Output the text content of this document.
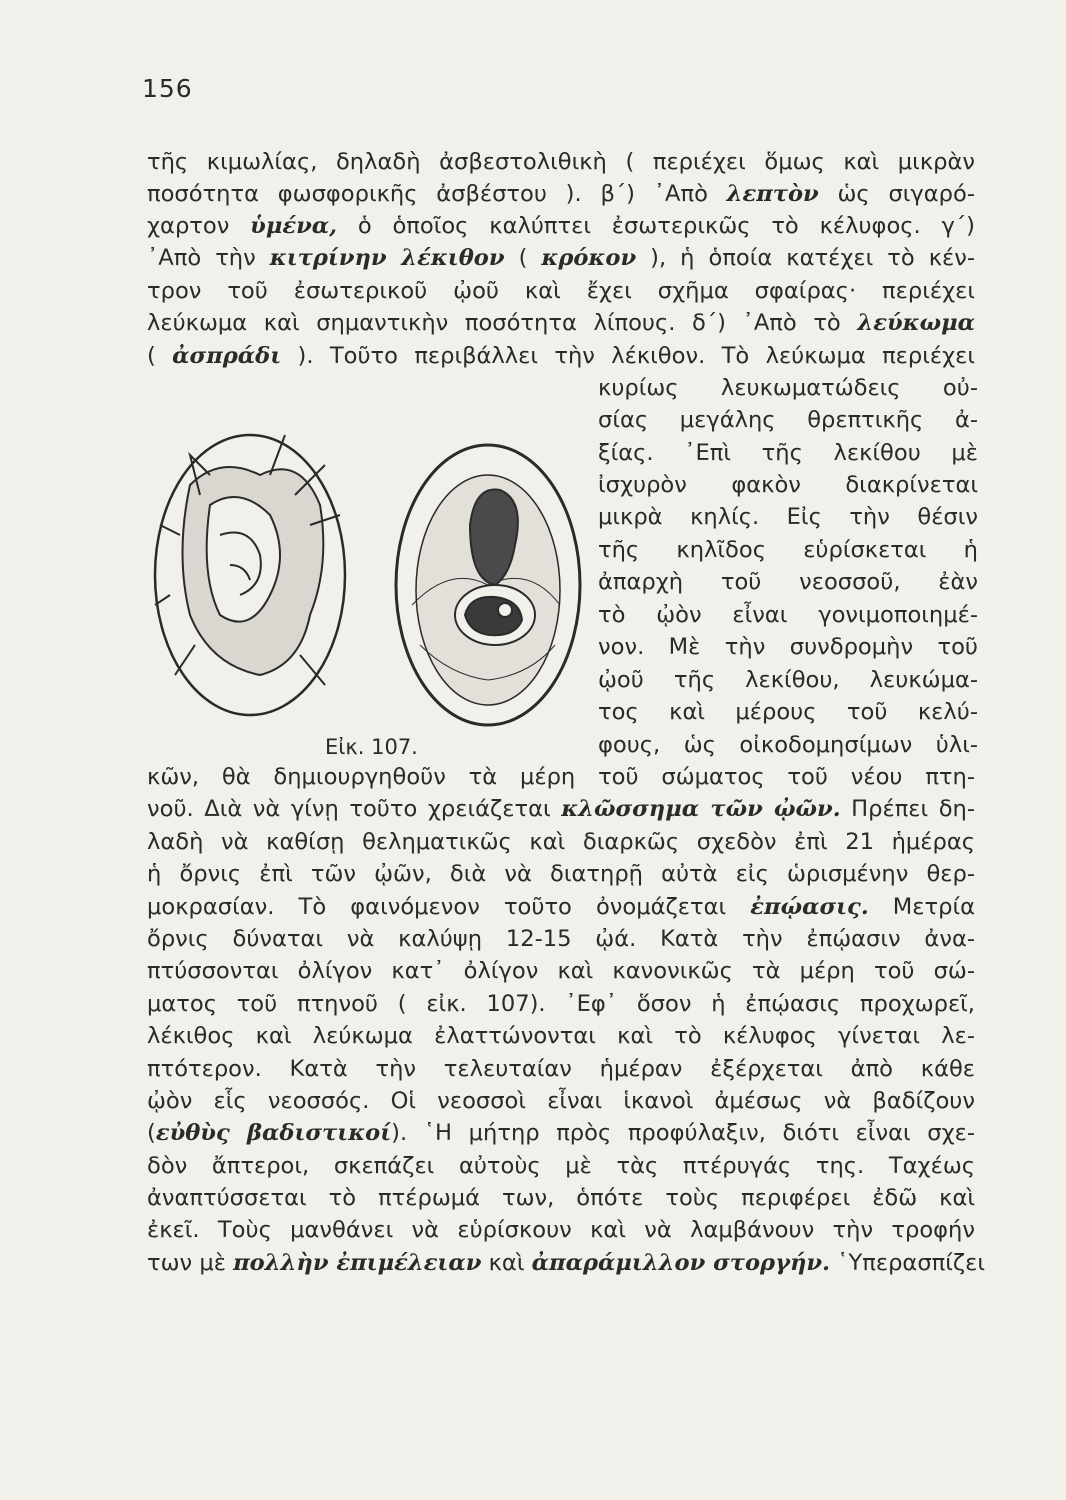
156
τῆς κιμωλίας, δηλαδὴ ἀσβεστολιθικὴ ( περιέχει ὅμως καὶ μικρὰν
ποσότητα φωσφορικῆς ἀσβέστου ). β΄) ᾽Απὸ λεπτὸν ὡς σιγαρό-
χαρτον ὑμένα, ὁ ὁποῖος καλύπτει ἐσωτερικῶς τὸ κέλυφος. γ΄)
᾽Απὸ τὴν κιτρίνην λέκιθον ( κρόκον ), ἡ ὁποία κατέχει τὸ κέν-
τρον τοῦ ἐσωτερικοῦ ᾠοῦ καὶ ἔχει σχῆμα σφαίρας· περιέχει
λεύκωμα καὶ σημαντικὴν ποσότητα λίπους. δ΄) ᾽Απὸ τὸ λεύκωμα
( ἀσπράδι ). Τοῦτο περιβάλλει τὴν λέκιθον. Τὸ λεύκωμα περιέχει
κυρίως λευκωματώδεις οὐ-
σίας μεγάλης θρεπτικῆς ἀ-
ξίας. ᾽Επὶ τῆς λεκίθου μὲ
ἰσχυρὸν φακὸν διακρίνεται
μικρὰ κηλίς. Εἰς τὴν θέσιν
τῆς κηλῖδος εὑρίσκεται ἡ
ἀπαρχὴ τοῦ νεοσσοῦ, ἐὰν
τὸ ᾠὸν εἶναι γονιμοποιημέ-
νον. Μὲ τὴν συνδρομὴν τοῦ
ᾠοῦ τῆς λεκίθου, λευκώμα-
τος καὶ μέρους τοῦ κελύ-
φους, ὡς οἰκοδομησίμων ὑλι-
κῶν, θὰ δημιουργηθοῦν τὰ μέρη τοῦ σώματος τοῦ νέου πτη-
νοῦ. Διὰ νὰ γίνῃ τοῦτο χρειάζεται κλῶσσημα τῶν ᾠῶν. Πρέπει δη-
λαδὴ νὰ καθίσῃ θεληματικῶς καὶ διαρκῶς σχεδὸν ἐπὶ 21 ἡμέρας
ἡ ὄρνις ἐπὶ τῶν ᾠῶν, διὰ νὰ διατηρῇ αὐτὰ εἰς ὡρισμένην θερ-
μοκρασίαν. Τὸ φαινόμενον τοῦτο ὀνομάζεται ἐπῴασις. Μετρία
ὄρνις δύναται νὰ καλύψῃ 12-15 ᾠά. Κατὰ τὴν ἐπῴασιν ἀνα-
πτύσσονται ὀλίγον κατ᾽ ὀλίγον καὶ κανονικῶς τὰ μέρη τοῦ σώ-
ματος τοῦ πτηνοῦ ( εἰκ. 107). ᾽Εφ᾽ ὅσον ἡ ἐπῴασις προχωρεῖ,
λέκιθος καὶ λεύκωμα ἐλαττώνονται καὶ τὸ κέλυφος γίνεται λε-
πτότερον. Κατὰ τὴν τελευταίαν ἡμέραν ἐξέρχεται ἀπὸ κάθε
ᾠὸν εἷς νεοσσός. Οἱ νεοσσοὶ εἶναι ἱκανοὶ ἀμέσως νὰ βαδίζουν
(εὐθὺς βαδιστικοί). ῾Η μήτηρ πρὸς προφύλαξιν, διότι εἶναι σχε-
δὸν ἄπτεροι, σκεπάζει αὐτοὺς μὲ τὰς πτέρυγάς της. Ταχέως
ἀναπτύσσεται τὸ πτέρωμά των, ὁπότε τοὺς περιφέρει ἐδῶ καὶ
ἐκεῖ. Τοὺς μανθάνει νὰ εὑρίσκουν καὶ νὰ λαμβάνουν τὴν τροφήν
των μὲ πολλὴν ἐπιμέλειαν καὶ ἀπαράμιλλον στοργήν. ῾Υπερασπίζει
Εἰκ. 107.
